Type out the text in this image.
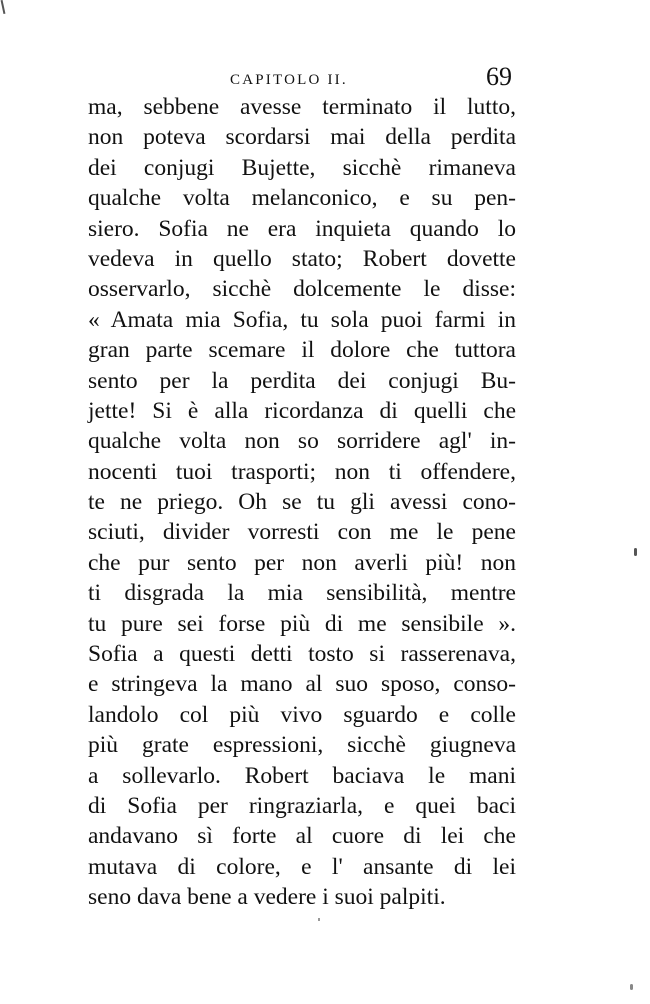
CAPITOLO II.	69
ma, sebbene avesse terminato il lutto,
non poteva scordarsi mai della perdita
dei conjugi Bujette, sicchè rimaneva
qualche volta melanconico, e su pen-
siero. Sofia ne era inquieta quando lo
vedeva in quello stato; Robert dovette
osservarlo, sicchè dolcemente le disse:
« Amata mia Sofia, tu sola puoi farmi in
gran parte scemare il dolore che tuttora
sento per la perdita dei conjugi Bu-
jette! Si è alla ricordanza di quelli che
qualche volta non so sorridere agl' in-
nocenti tuoi trasporti; non ti offendere,
te ne priego. Oh se tu gli avessi cono-
sciuti, divider vorresti con me le pene
che pur sento per non averli più! non
ti disgrada la mia sensibilità, mentre
tu pure sei forse più di me sensibile ».
Sofia a questi detti tosto si rasserenava,
e stringeva la mano al suo sposo, conso-
landolo col più vivo sguardo e colle
più grate espressioni, sicchè giugneva
a sollevarlo. Robert baciava le mani
di Sofia per ringraziarla, e quei baci
andavano sì forte al cuore di lei che
mutava di colore, e l' ansante di lei
seno dava bene a vedere i suoi palpiti.
